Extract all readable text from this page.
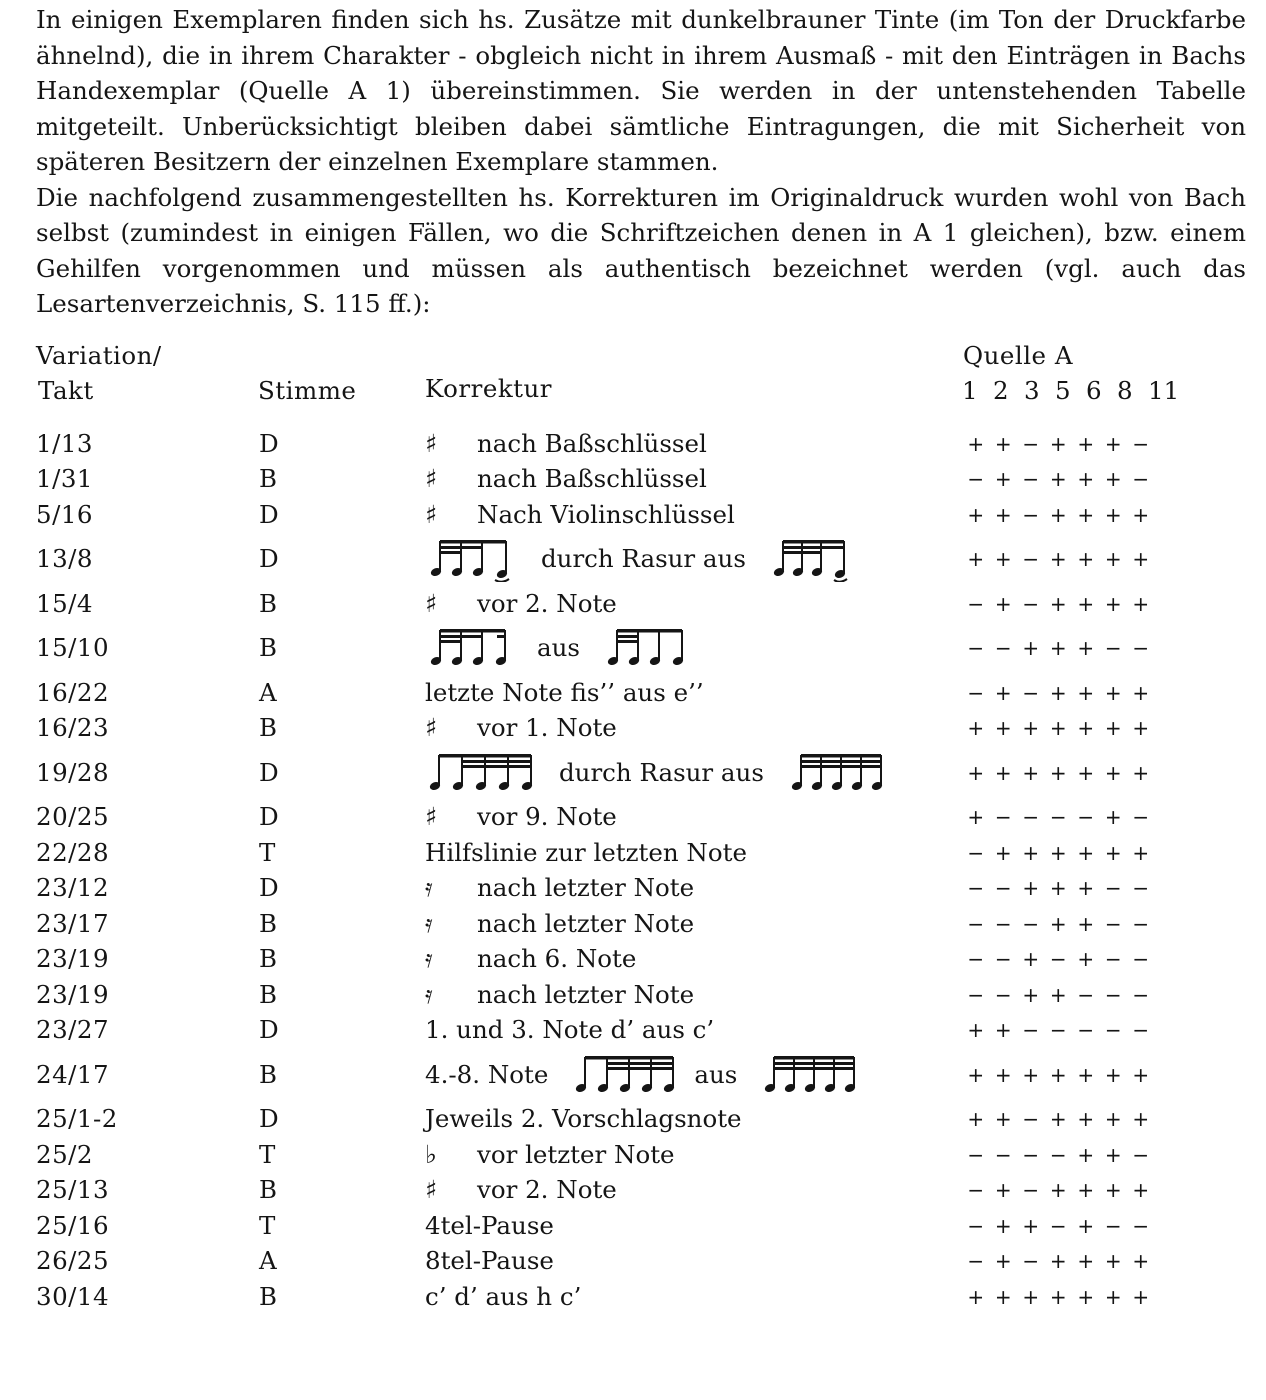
In einigen Exemplaren finden sich hs. Zusätze mit dunkelbrauner Tinte (im Ton der Druckfarbe ähnelnd), die in ihrem Charakter - obgleich nicht in ihrem Ausmaß - mit den Einträgen in Bachs Handexemplar (Quelle A 1) übereinstimmen. Sie werden in der untenstehenden Tabelle mitgeteilt. Unberücksichtigt bleiben dabei sämtliche Eintragungen, die mit Sicherheit von späteren Besitzern der einzelnen Exemplare stammen.

Die nachfolgend zusammengestellten hs. Korrekturen im Originaldruck wurden wohl von Bach selbst (zumindest in einigen Fällen, wo die Schriftzeichen denen in A 1 gleichen), bzw. einem Gehilfen vorgenommen und müssen als authentisch bezeichnet werden (vgl. auch das Lesartenverzeichnis, S. 115 ff.):

Variation/
Takt	Stimme	Korrektur
Quelle A
1 2 3 5 6 8 11
1/13	D	♯	nach Baßschlüssel	+ + − + + + −
1/31	B	♯	nach Baßschlüssel	− + − + + + −
5/16	D	♯	Nach Violinschlüssel	+ + − + + + +
13/8	D	durch Rasur aus	+ + − + + + +
15/4	B	♯	vor 2. Note	− + − + + + +
15/10	B	aus	− − + + + − −
16/22	A	letzte Note fis’’ aus e’’	− + − + + + +
16/23	B	♯	vor 1. Note	+ + + + + + +
19/28	D	durch Rasur aus	+ + + + + + +
20/25	D	♯	vor 9. Note	+ − − − − + −
22/28	T	Hilfslinie zur letzten Note	− + + + + + +
23/12	D	𝄿	nach letzter Note	− − + + + − −
23/17	B	𝄿	nach letzter Note	− − − + + − −
23/19	B	𝄿	nach 6. Note	− − + − + − −
23/19	B	𝄿	nach letzter Note	− − + + − − −
23/27	D	1. und 3. Note d’ aus c’	+ + − − − − −
24/17	B	4.-8. Note	aus	+ + + + + + +
25/1-2	D	Jeweils 2. Vorschlagsnote	+ + − + + + +
25/2	T	♭	vor letzter Note	− − − − + + −
25/13	B	♯	vor 2. Note	− + − + + + +
25/16	T	4tel-Pause	− + + − + − −
26/25	A	8tel-Pause	− + − + + + +
30/14	B	c’ d’ aus h c’	+ + + + + + +
